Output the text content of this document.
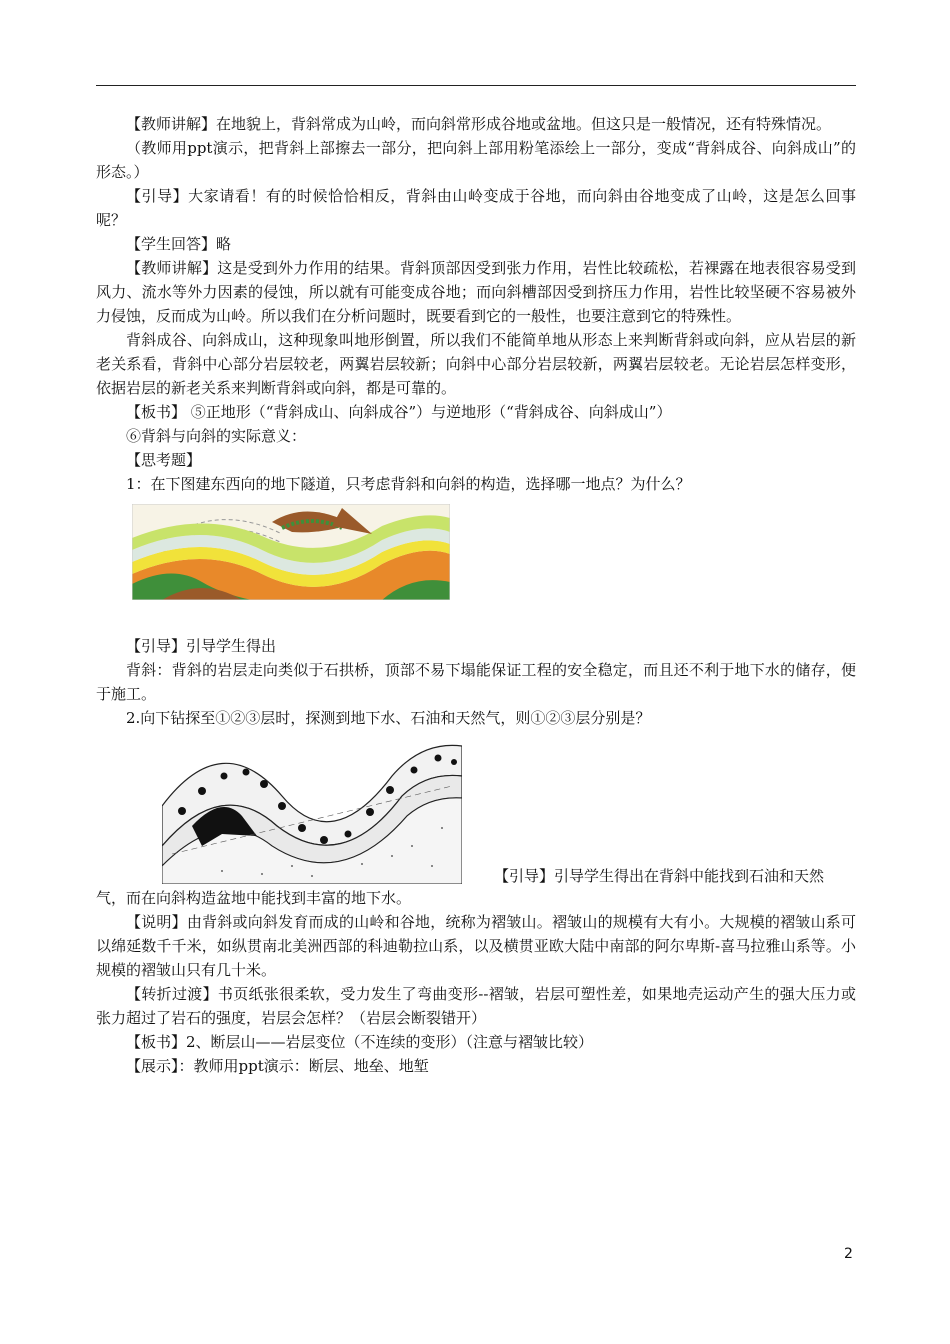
【教师讲解】在地貌上，背斜常成为山岭，而向斜常形成谷地或盆地。但这只是一般情况，还有特殊情况。

（教师用ppt演示，把背斜上部擦去一部分，把向斜上部用粉笔添绘上一部分，变成“背斜成谷、向斜成山”的形态。）

【引导】大家请看！有的时候恰恰相反，背斜由山岭变成于谷地，而向斜由谷地变成了山岭，这是怎么回事呢？

【学生回答】略

【教师讲解】这是受到外力作用的结果。背斜顶部因受到张力作用，岩性比较疏松，若裸露在地表很容易受到风力、流水等外力因素的侵蚀，所以就有可能变成谷地；而向斜槽部因受到挤压力作用，岩性比较坚硬不容易被外力侵蚀，反而成为山岭。所以我们在分析问题时，既要看到它的一般性，也要注意到它的特殊性。

背斜成谷、向斜成山，这种现象叫地形倒置，所以我们不能简单地从形态上来判断背斜或向斜，应从岩层的新老关系看，背斜中心部分岩层较老，两翼岩层较新；向斜中心部分岩层较新，两翼岩层较老。无论岩层怎样变形，依据岩层的新老关系来判断背斜或向斜，都是可靠的。

【板书】 ⑤正地形（“背斜成山、向斜成谷”）与逆地形（“背斜成谷、向斜成山”）

⑥背斜与向斜的实际意义：

【思考题】

1：在下图建东西向的地下隧道，只考虑背斜和向斜的构造，选择哪一地点？为什么？

【引导】引导学生得出

背斜：背斜的岩层走向类似于石拱桥，顶部不易下塌能保证工程的安全稳定，而且还不利于地下水的储存，便于施工。

2.向下钻探至①②③层时，探测到地下水、石油和天然气，则①②③层分别是？

【引导】引导学生得出在背斜中能找到石油和天然

气，而在向斜构造盆地中能找到丰富的地下水。

【说明】由背斜或向斜发育而成的山岭和谷地，统称为褶皱山。褶皱山的规模有大有小。大规模的褶皱山系可以绵延数千千米，如纵贯南北美洲西部的科迪勒拉山系，以及横贯亚欧大陆中南部的阿尔卑斯-喜马拉雅山系等。小规模的褶皱山只有几十米。

【转折过渡】书页纸张很柔软，受力发生了弯曲变形--褶皱，岩层可塑性差，如果地壳运动产生的强大压力或张力超过了岩石的强度，岩层会怎样？（岩层会断裂错开）

【板书】2、断层山——岩层变位（不连续的变形）（注意与褶皱比较）

【展示】：教师用ppt演示：断层、地垒、地堑

2
